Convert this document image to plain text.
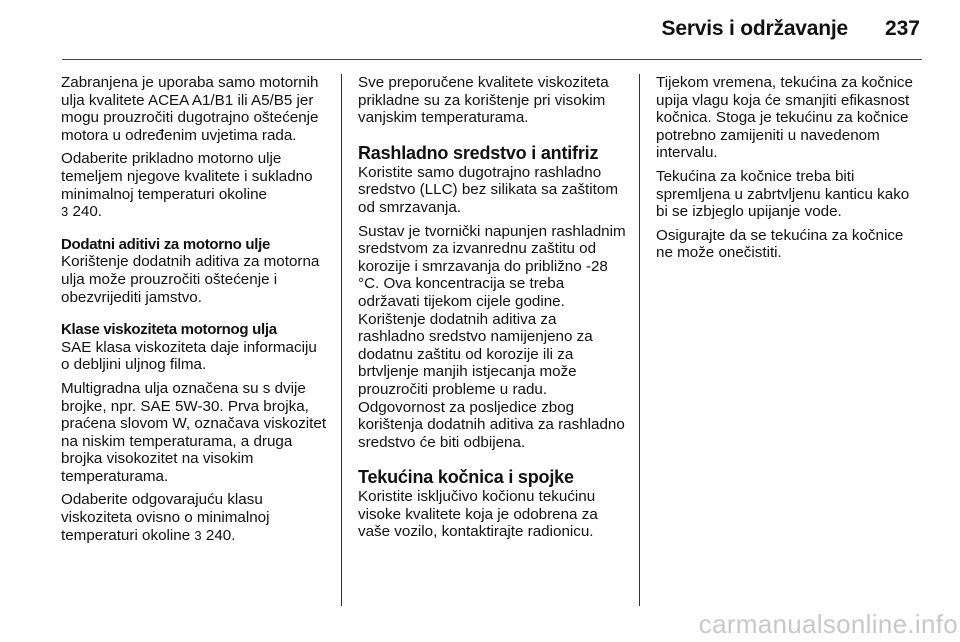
Servis i održavanje 237

Zabranjena je uporaba samo motornih ulja kvalitete ACEA A1/B1 ili A5/B5 jer mogu prouzročiti dugotrajno oštećenje motora u određenim uvjetima rada.

Odaberite prikladno motorno ulje temeljem njegove kvalitete i sukladno minimalnoj temperaturi okoline
3 240.

Dodatni aditivi za motorno ulje

Korištenje dodatnih aditiva za motorna ulja može prouzročiti oštećenje i obezvrijediti jamstvo.

Klase viskoziteta motornog ulja

SAE klasa viskoziteta daje informaciju o debljini uljnog filma.

Multigradna ulja označena su s dvije brojke, npr. SAE 5W-30. Prva brojka, praćena slovom W, označava viskozitet na niskim temperaturama, a druga brojka visokozitet na visokim temperaturama.

Odaberite odgovarajuću klasu viskoziteta ovisno o minimalnoj temperaturi okoline 3 240.

Sve preporučene kvalitete viskoziteta prikladne su za korištenje pri visokim vanjskim temperaturama.

Rashladno sredstvo i antifriz

Koristite samo dugotrajno rashladno sredstvo (LLC) bez silikata sa zaštitom od smrzavanja.

Sustav je tvornički napunjen rashladnim sredstvom za izvanrednu zaštitu od korozije i smrzavanja do približno -28 °C. Ova koncentracija se treba održavati tijekom cijele godine. Korištenje dodatnih aditiva za rashladno sredstvo namijenjeno za dodatnu zaštitu od korozije ili za brtvljenje manjih istjecanja može prouzročiti probleme u radu. Odgovornost za posljedice zbog korištenja dodatnih aditiva za rashladno sredstvo će biti odbijena.

Tekućina kočnica i spojke

Koristite isključivo kočionu tekućinu visoke kvalitete koja je odobrena za vaše vozilo, kontaktirajte radionicu.

Tijekom vremena, tekućina za kočnice upija vlagu koja će smanjiti efikasnost kočnica. Stoga je tekućinu za kočnice potrebno zamijeniti u navedenom intervalu.

Tekućina za kočnice treba biti spremljena u zabrtvljenu kanticu kako bi se izbjeglo upijanje vode.

Osigurajte da se tekućina za kočnice ne može onečistiti.

carmanualsonline.info
